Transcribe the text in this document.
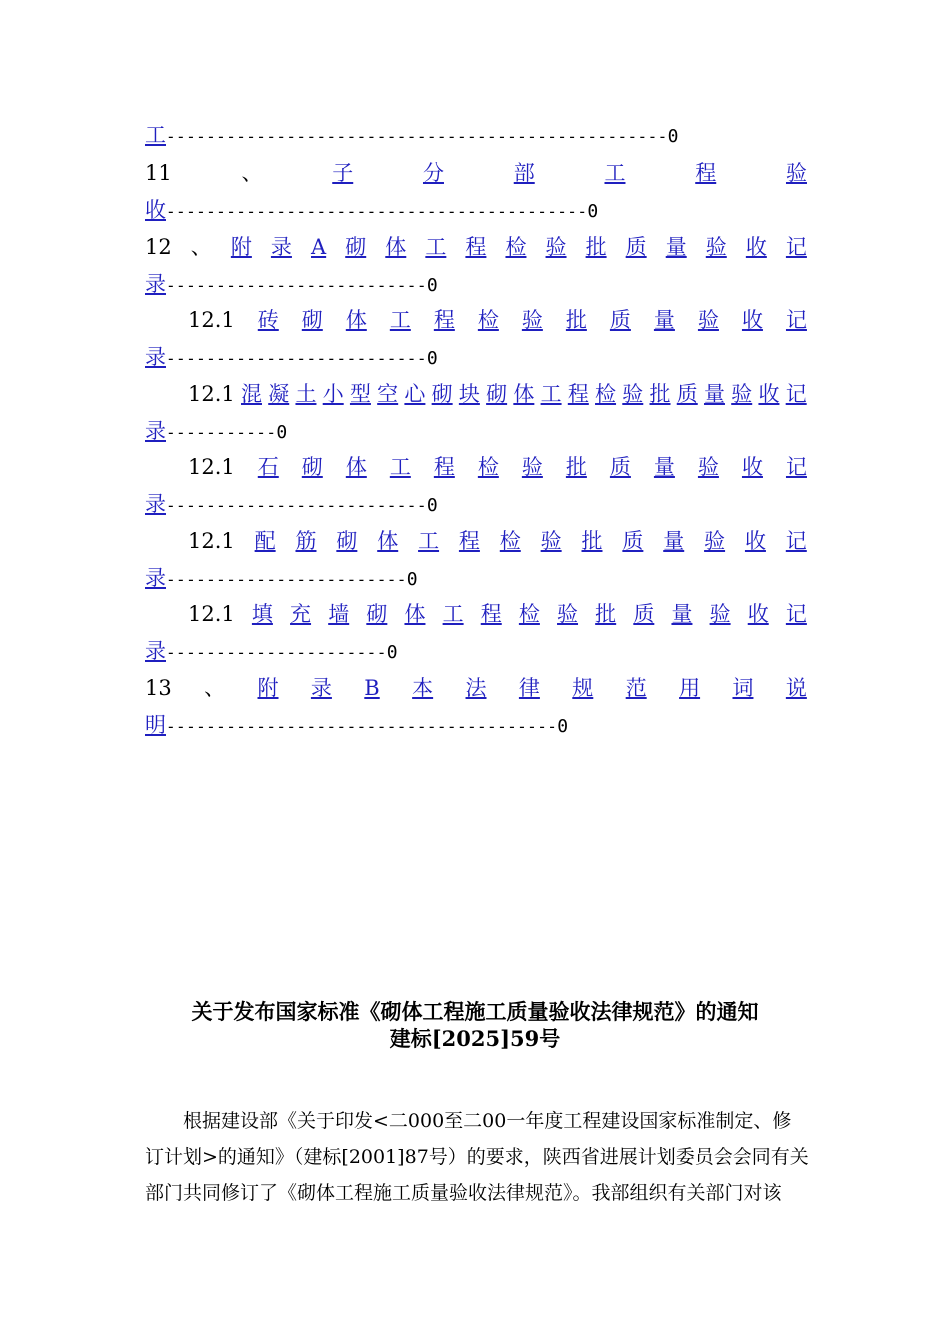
工 -------------------------------------------------- 0
11	、	子	分	部	工	程	验
收 ------------------------------------------ 0
12 、 附 录 A 砌 体 工 程 检 验 批 质 量 验 收 记
录 -------------------------- 0
12.1 砖 砌 体 工 程 检 验 批 质 量 验 收 记
录 -------------------------- 0
12.1 混 凝 土 小 型 空 心 砌 块 砌 体 工 程 检 验 批 质 量 验 收 记
录 ----------- 0
12.1 石 砌 体 工 程 检 验 批 质 量 验 收 记
录 -------------------------- 0
12.1 配 筋 砌 体 工 程 检 验 批 质 量 验 收 记
录 ------------------------ 0
12.1 填 充 墙 砌 体 工 程 检 验 批 质 量 验 收 记
录 ---------------------- 0
13 、 附 录 B 本 法 律 规 范 用 词 说
明 --------------------------------------- 0
关于发布国家标准《砌体工程施工质量验收法律规范》的通知
建标[2025]59号
根据建设部《关于印发<二000至二00一年度工程建设国家标准制定、修
订计划>的通知》（建标[2001]87号）的要求，陕西省进展计划委员会会同有关
部门共同修订了《砌体工程施工质量验收法律规范》。我部组织有关部门对该
